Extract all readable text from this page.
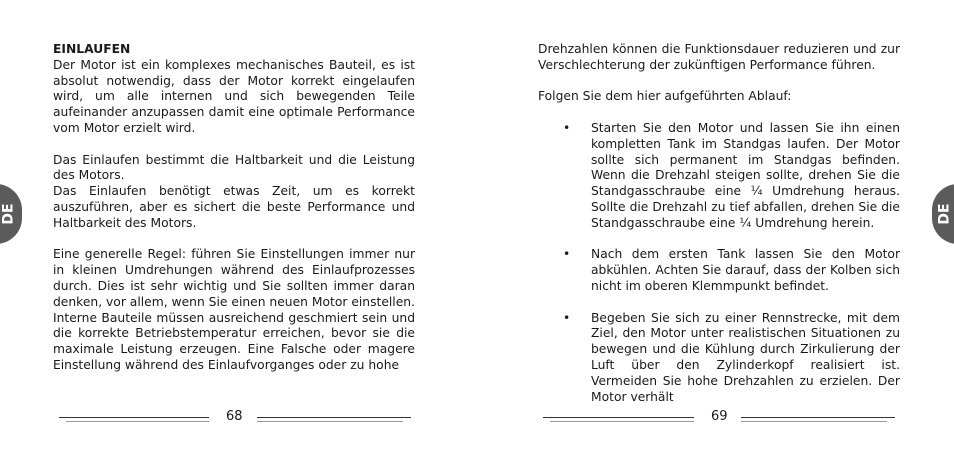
DE	DE
EINLAUFEN
Der Motor ist ein komplexes mechanisches Bauteil, es ist absolut notwendig, dass der Motor korrekt eingelaufen wird, um alle internen und sich bewegenden Teile aufeinander anzupassen damit eine optimale Performance vom Motor erzielt wird.
Das Einlaufen bestimmt die Haltbarkeit und die Leistung des Motors.
Das Einlaufen benötigt etwas Zeit, um es korrekt auszuführen, aber es sichert die beste Performance und Haltbarkeit des Motors.
Eine generelle Regel: führen Sie Einstellungen immer nur in kleinen Umdrehungen während des Einlaufprozesses durch. Dies ist sehr wichtig und Sie sollten immer daran denken, vor allem, wenn Sie einen neuen Motor einstellen. Interne Bauteile müssen ausreichend geschmiert sein und die korrekte Betriebstemperatur erreichen, bevor sie die maximale Leistung erzeugen. Eine Falsche oder magere Einstellung während des Einlaufvorganges oder zu hohe
Drehzahlen können die Funktionsdauer reduzieren und zur Verschlechterung der zukünftigen Performance führen.
Folgen Sie dem hier aufgeführten Ablauf:
• Starten Sie den Motor und lassen Sie ihn einen kompletten Tank im Standgas laufen. Der Motor sollte sich permanent im Standgas befinden. Wenn die Drehzahl steigen sollte, drehen Sie die Standgasschraube eine ¼ Umdrehung heraus. Sollte die Drehzahl zu tief abfallen, drehen Sie die Standgasschraube eine ¼ Umdrehung herein.
• Nach dem ersten Tank lassen Sie den Motor abkühlen. Achten Sie darauf, dass der Kolben sich nicht im oberen Klemmpunkt befindet.
• Begeben Sie sich zu einer Rennstrecke, mit dem Ziel, den Motor unter realistischen Situationen zu bewegen und die Kühlung durch Zirkulierung der Luft über den Zylinderkopf realisiert ist. Vermeiden Sie hohe Drehzahlen zu erzielen. Der Motor verhält
68	69
